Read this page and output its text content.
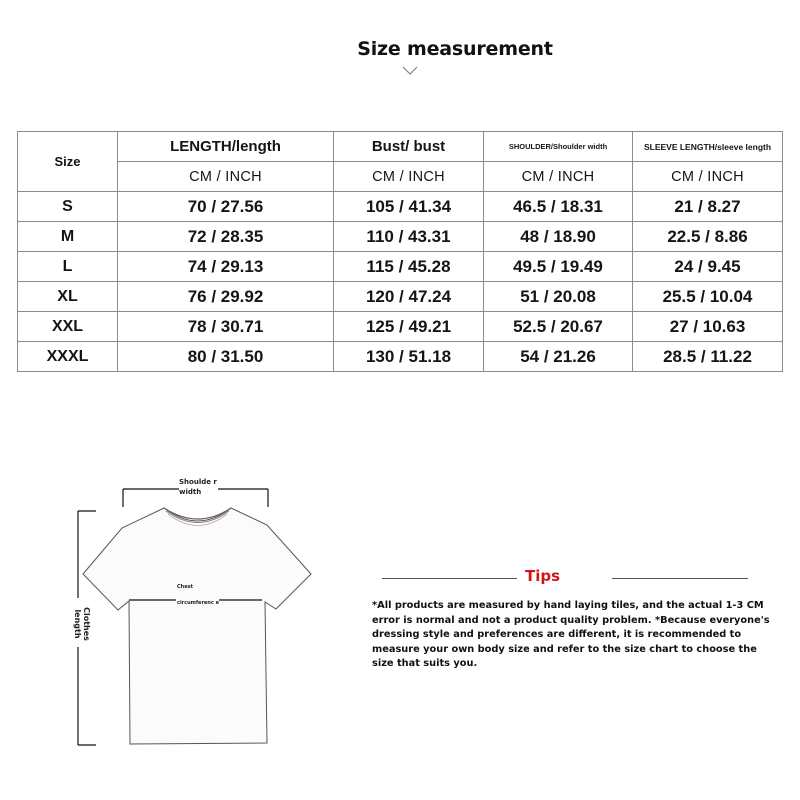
Size measurement
Size	LENGTH/length	Bust/ bust	SHOULDER/Shoulder width	SLEEVE LENGTH/sleeve length
	CM / INCH	CM / INCH	CM / INCH	CM / INCH
S	70 / 27.56	105 / 41.34	46.5 / 18.31	21 / 8.27
M	72 / 28.35	110 / 43.31	48 / 18.90	22.5 / 8.86
L	74 / 29.13	115 / 45.28	49.5 / 19.49	24 / 9.45
XL	76 / 29.92	120 / 47.24	51 / 20.08	25.5 / 10.04
XXL	78 / 30.71	125 / 49.21	52.5 / 20.67	27 / 10.63
XXXL	80 / 31.50	130 / 51.18	54 / 21.26	28.5 / 11.22
Shoulde r width
Chest
circumferenc e
Clothes length
Tips
*All products are measured by hand laying tiles, and the actual 1-3 CM error is normal and not a product quality problem. *Because everyone's dressing style and preferences are different, it is recommended to measure your own body size and refer to the size chart to choose the size that suits you.
